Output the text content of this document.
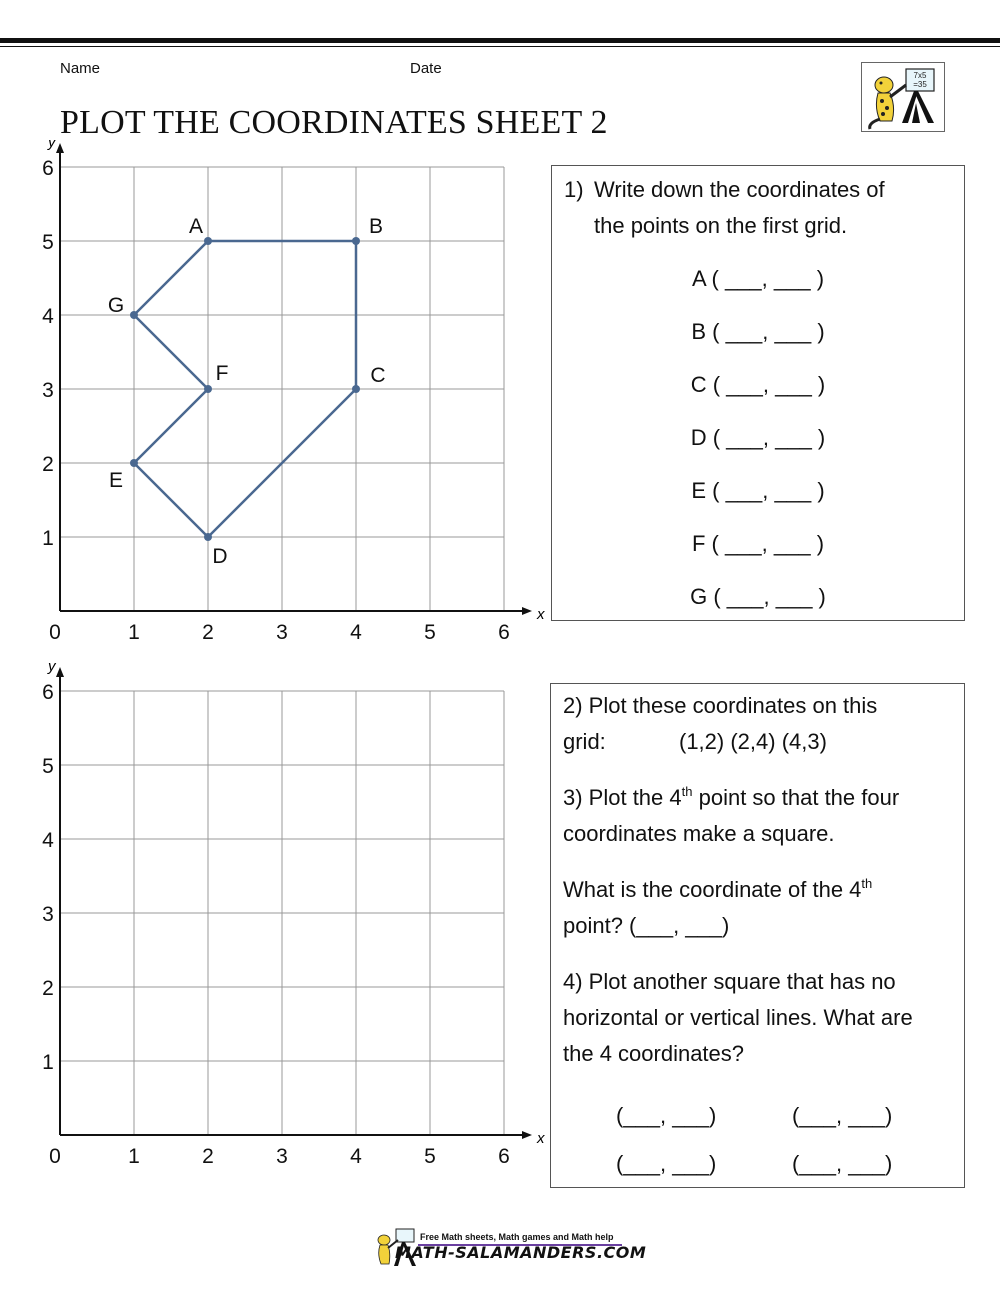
Name	Date
PLOT THE COORDINATES SHEET 2
7x5
=35
0	1	2	3	4	5	6
1
2
3
4
5
6
A	B
C
D
E
F
G
x
y
0	1	2	3	4	5	6
1
2
3
4
5
6
x
y

1) Write down the coordinates of

the points on the first grid.

A ( ___, ___ )
B ( ___, ___ )
C ( ___, ___ )
D ( ___, ___ )
E ( ___, ___ )
F ( ___, ___ )
G ( ___, ___ )

2) Plot these coordinates on this

grid:	(1,2) (2,4) (4,3)

3) Plot the 4th point so that the four

coordinates make a square.

What is the coordinate of the 4th

point? (___, ___)

4) Plot another square that has no

horizontal or vertical lines. What are

the 4 coordinates?

(___, ___)	(___, ___)
(___, ___)	(___, ___)
Free Math sheets, Math games and Math help
MATH-SALAMANDERS.COM
